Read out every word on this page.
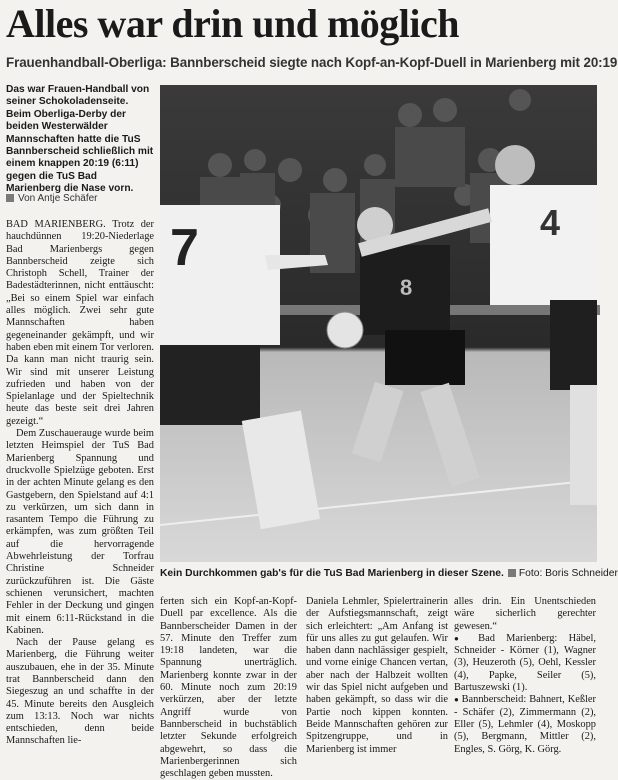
Alles war drin und möglich
Frauenhandball-Oberliga: Bannberscheid siegte nach Kopf-an-Kopf-Duell in Marienberg mit 20:19
Das war Frauen-Handball von seiner Schokoladenseite. Beim Oberliga-Derby der beiden Westerwälder Mannschaften hatte die TuS Bannberscheid schließlich mit einem knappen 20:19 (6:11) gegen die TuS Bad Marienberg die Nase vorn.
Von Antje Schäfer

BAD MARIENBERG. Trotz der hauchdünnen 19:20-Niederlage Bad Marienbergs gegen Bannberscheid zeigte sich Christoph Schell, Trainer der Badestädterinnen, nicht enttäuscht: „Bei so einem Spiel war einfach alles möglich. Zwei sehr gute Mannschaften haben gegeneinander gekämpft, und wir haben eben mit einem Tor verloren. Da kann man nicht traurig sein. Wir sind mit unserer Leistung zufrieden und haben von der Spielanlage und der Spieltechnik heute das beste seit drei Jahren gezeigt.“

Dem Zuschauerauge wurde beim letzten Heimspiel der TuS Bad Marienberg Spannung und druckvolle Spielzüge geboten. Erst in der achten Minute gelang es den Gastgebern, den Spielstand auf 4:1 zu verkürzen, um sich dann in rasantem Tempo die Führung zu erkämpfen, was zum größten Teil auf die hervorragende Abwehrleistung der Torfrau Christine Schneider zurückzuführen ist. Die Gäste schienen verunsichert, machten Fehler in der Deckung und gingen mit einem 6:11-Rückstand in die Kabinen.

Nach der Pause gelang es Marienberg, die Führung weiter auszubauen, ehe in der 35. Minute trat Bannberscheid dann den Siegeszug an und schaffte in der 45. Minute bereits den Ausgleich zum 13:13. Noch war nichts entschieden, denn beide Mannschaften lie-

7
8
4
Kein Durchkommen gab's für die TuS Bad Marienberg in dieser Szene. Foto: Boris Schneider

ferten sich ein Kopf-an-Kopf-Duell par excellence. Als die Bannberscheider Damen in der 57. Minute den Treffer zum 19:18 landeten, war die Spannung unerträglich. Marienberg konnte zwar in der 60. Minute noch zum 20:19 verkürzen, aber der letzte Angriff wurde von Bannberscheid in buchstäblich letzter Sekunde erfolgreich abgewehrt, so dass die Marienbergerinnen sich geschlagen geben mussten.

Daniela Lehmler, Spielertrainerin der Aufstiegsmannschaft, zeigt sich erleichtert: „Am Anfang ist für uns alles zu gut gelaufen. Wir haben dann nachlässiger gespielt, und vorne einige Chancen vertan, aber nach der Halbzeit wollten wir das Spiel nicht aufgeben und haben gekämpft, so dass wir die Partie noch kippen konnten. Beide Mannschaften gehören zur Spitzengruppe, und in Marienberg ist immer

alles drin. Ein Unentschieden wäre sicherlich gerechter gewesen.“

● Bad Marienberg: Häbel, Schneider - Körner (1), Wagner (3), Heuzeroth (5), Oehl, Kessler (4), Papke, Seiler (5), Bartuszewski (1).

● Bannberscheid: Bahnert, Keßler - Schäfer (2), Zimmermann (2), Eller (5), Lehmler (4), Moskopp (5), Bergmann, Mittler (2), Engles, S. Görg, K. Görg.
